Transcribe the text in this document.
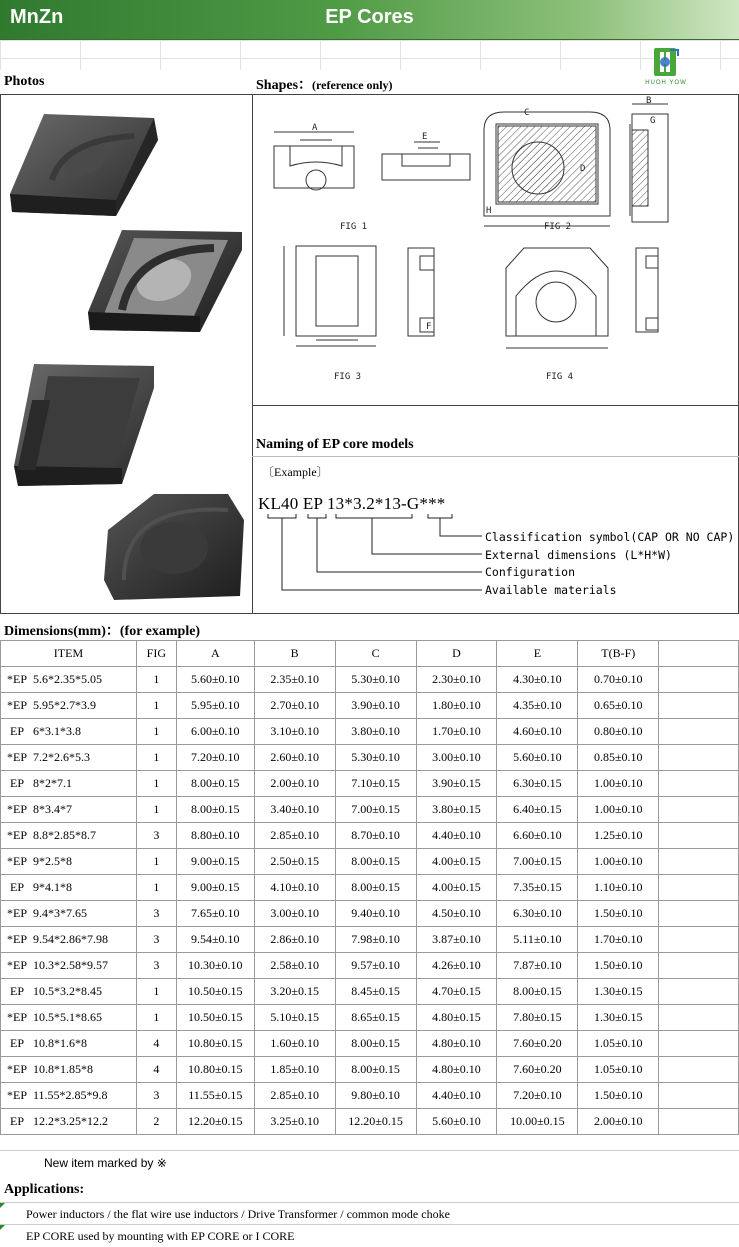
MnZn	EP Cores
HUOH YOW
Photos	Shapes：(reference only)
FIG 1	FIG 2
FIG 3	FIG 4
A
E
C
D
B
G
H
F
Naming of EP core models
〔Example〕
KL40 EP 13*3.2*13-G***
Classification symbol(CAP OR NO CAP)
External dimensions (L*H*W)
Configuration
Available materials
Dimensions(mm)：(for example)
ITEM	FIG	A	B	C	D	E	T(B-F)	
*EP 5.6*2.35*5.05	1	5.60±0.10	2.35±0.10	5.30±0.10	2.30±0.10	4.30±0.10	0.70±0.10	
*EP 5.95*2.7*3.9	1	5.95±0.10	2.70±0.10	3.90±0.10	1.80±0.10	4.35±0.10	0.65±0.10	
EP 6*3.1*3.8	1	6.00±0.10	3.10±0.10	3.80±0.10	1.70±0.10	4.60±0.10	0.80±0.10	
*EP 7.2*2.6*5.3	1	7.20±0.10	2.60±0.10	5.30±0.10	3.00±0.10	5.60±0.10	0.85±0.10	
EP 8*2*7.1	1	8.00±0.15	2.00±0.10	7.10±0.15	3.90±0.15	6.30±0.15	1.00±0.10	
*EP 8*3.4*7	1	8.00±0.15	3.40±0.10	7.00±0.15	3.80±0.15	6.40±0.15	1.00±0.10	
*EP 8.8*2.85*8.7	3	8.80±0.10	2.85±0.10	8.70±0.10	4.40±0.10	6.60±0.10	1.25±0.10	
*EP 9*2.5*8	1	9.00±0.15	2.50±0.15	8.00±0.15	4.00±0.15	7.00±0.15	1.00±0.10	
EP 9*4.1*8	1	9.00±0.15	4.10±0.10	8.00±0.15	4.00±0.15	7.35±0.15	1.10±0.10	
*EP 9.4*3*7.65	3	7.65±0.10	3.00±0.10	9.40±0.10	4.50±0.10	6.30±0.10	1.50±0.10	
*EP 9.54*2.86*7.98	3	9.54±0.10	2.86±0.10	7.98±0.10	3.87±0.10	5.11±0.10	1.70±0.10	
*EP 10.3*2.58*9.57	3	10.30±0.10	2.58±0.10	9.57±0.10	4.26±0.10	7.87±0.10	1.50±0.10	
EP 10.5*3.2*8.45	1	10.50±0.15	3.20±0.15	8.45±0.15	4.70±0.15	8.00±0.15	1.30±0.15	
*EP 10.5*5.1*8.65	1	10.50±0.15	5.10±0.15	8.65±0.15	4.80±0.15	7.80±0.15	1.30±0.15	
EP 10.8*1.6*8	4	10.80±0.15	1.60±0.10	8.00±0.15	4.80±0.10	7.60±0.20	1.05±0.10	
*EP 10.8*1.85*8	4	10.80±0.15	1.85±0.10	8.00±0.15	4.80±0.10	7.60±0.20	1.05±0.10	
*EP 11.55*2.85*9.8	3	11.55±0.15	2.85±0.10	9.80±0.10	4.40±0.10	7.20±0.10	1.50±0.10	
EP 12.2*3.25*12.2	2	12.20±0.15	3.25±0.10	12.20±0.15	5.60±0.10	10.00±0.15	2.00±0.10	
New item marked by ※
Applications:
Power inductors / the flat wire use inductors / Drive Transformer / common mode choke
EP CORE used by mounting with EP CORE or I CORE
